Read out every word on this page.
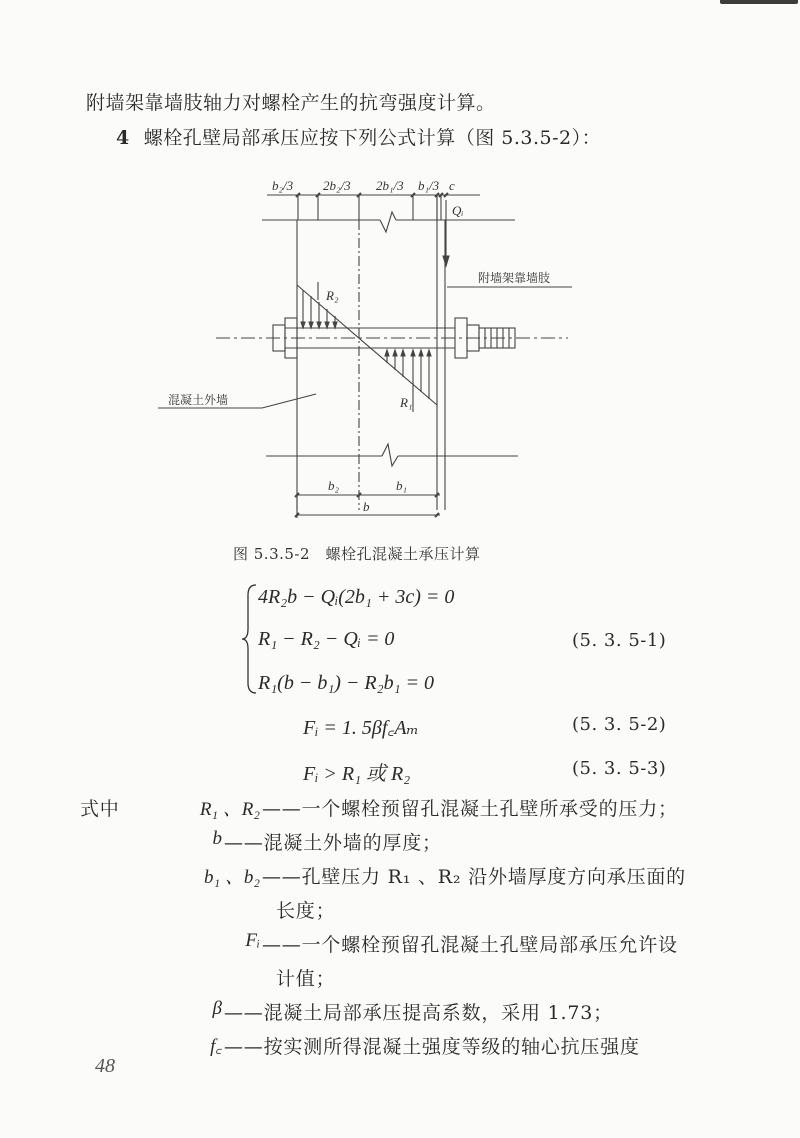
附墙架靠墙肢轴力对螺栓产生的抗弯强度计算。
4 螺栓孔壁局部承压应按下列公式计算（图 5.3.5-2）：
b₂/3 2b₂/3 2b₁/3 b₁/3 c
Qᵢ
R₂
R₁
b₂	b₁
b
附墙架靠墙肢
混凝土外墙
图 5.3.5-2　螺栓孔混凝土承压计算
4R₂b − Qᵢ(2b₁ + 3c) = 0
R₁ − R₂ − Qᵢ = 0
R₁(b − b₁) − R₂b₁ = 0
(5. 3. 5-1)
Fᵢ = 1. 5βf꜀Aₘ	(5. 3. 5-2)
Fᵢ > R₁ 或 R₂	(5. 3. 5-3)
式中	R₁ 、R₂ ——一个螺栓预留孔混凝土孔壁所承受的压力；
b ——混凝土外墙的厚度；
b₁ 、b₂ ——孔壁压力 R₁ 、R₂ 沿外墙厚度方向承压面的
长度；
Fᵢ ——一个螺栓预留孔混凝土孔壁局部承压允许设
计值；
β ——混凝土局部承压提高系数，采用 1.73；
f꜀ ——按实测所得混凝土强度等级的轴心抗压强度
48
